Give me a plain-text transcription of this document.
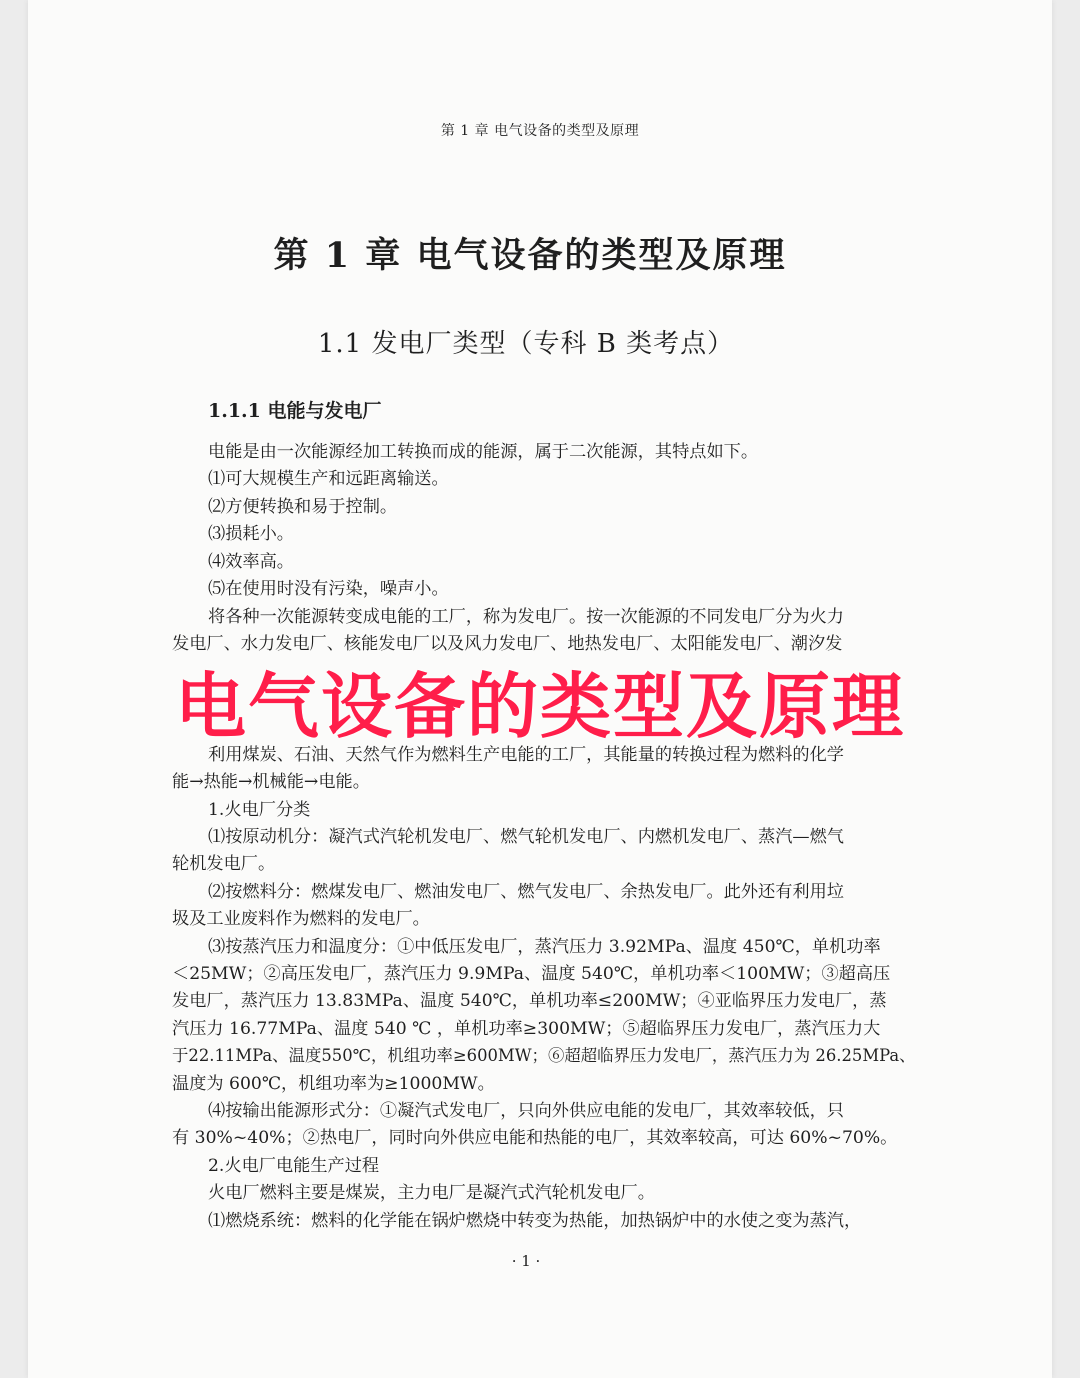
第 1 章 电气设备的类型及原理
第 1 章 电气设备的类型及原理
1.1 发电厂类型（专科 B 类考点）
1.1.1 电能与发电厂
电能是由一次能源经加工转换而成的能源，属于二次能源，其特点如下。
⑴可大规模生产和远距离输送。
⑵方便转换和易于控制。
⑶损耗小。
⑷效率高。
⑸在使用时没有污染，噪声小。
将各种一次能源转变成电能的工厂，称为发电厂。按一次能源的不同发电厂分为火力
发电厂、水力发电厂、核能发电厂以及风力发电厂、地热发电厂、太阳能发电厂、潮汐发
利用煤炭、石油、天然气作为燃料生产电能的工厂，其能量的转换过程为燃料的化学
能→热能→机械能→电能。
1.火电厂分类
⑴按原动机分：凝汽式汽轮机发电厂、燃气轮机发电厂、内燃机发电厂、蒸汽—燃气
轮机发电厂。
⑵按燃料分：燃煤发电厂、燃油发电厂、燃气发电厂、余热发电厂。此外还有利用垃
圾及工业废料作为燃料的发电厂。
⑶按蒸汽压力和温度分：①中低压发电厂，蒸汽压力 3.92MPa、温度 450℃，单机功率
＜25MW；②高压发电厂，蒸汽压力 9.9MPa、温度 540℃，单机功率＜100MW；③超高压
发电厂，蒸汽压力 13.83MPa、温度 540℃，单机功率≤200MW；④亚临界压力发电厂，蒸
汽压力 16.77MPa、温度 540 ℃ ，单机功率≥300MW；⑤超临界压力发电厂，蒸汽压力大
于22.11MPa、温度550℃，机组功率≥600MW；⑥超超临界压力发电厂，蒸汽压力为 26.25MPa、
温度为 600℃，机组功率为≥1000MW。
⑷按输出能源形式分：①凝汽式发电厂，只向外供应电能的发电厂，其效率较低，只
有 30%~40%；②热电厂，同时向外供应电能和热能的电厂，其效率较高，可达 60%~70%。
2.火电厂电能生产过程
火电厂燃料主要是煤炭，主力电厂是凝汽式汽轮机发电厂。
⑴燃烧系统：燃料的化学能在锅炉燃烧中转变为热能，加热锅炉中的水使之变为蒸汽，
电气设备的类型及原理
· 1 ·
